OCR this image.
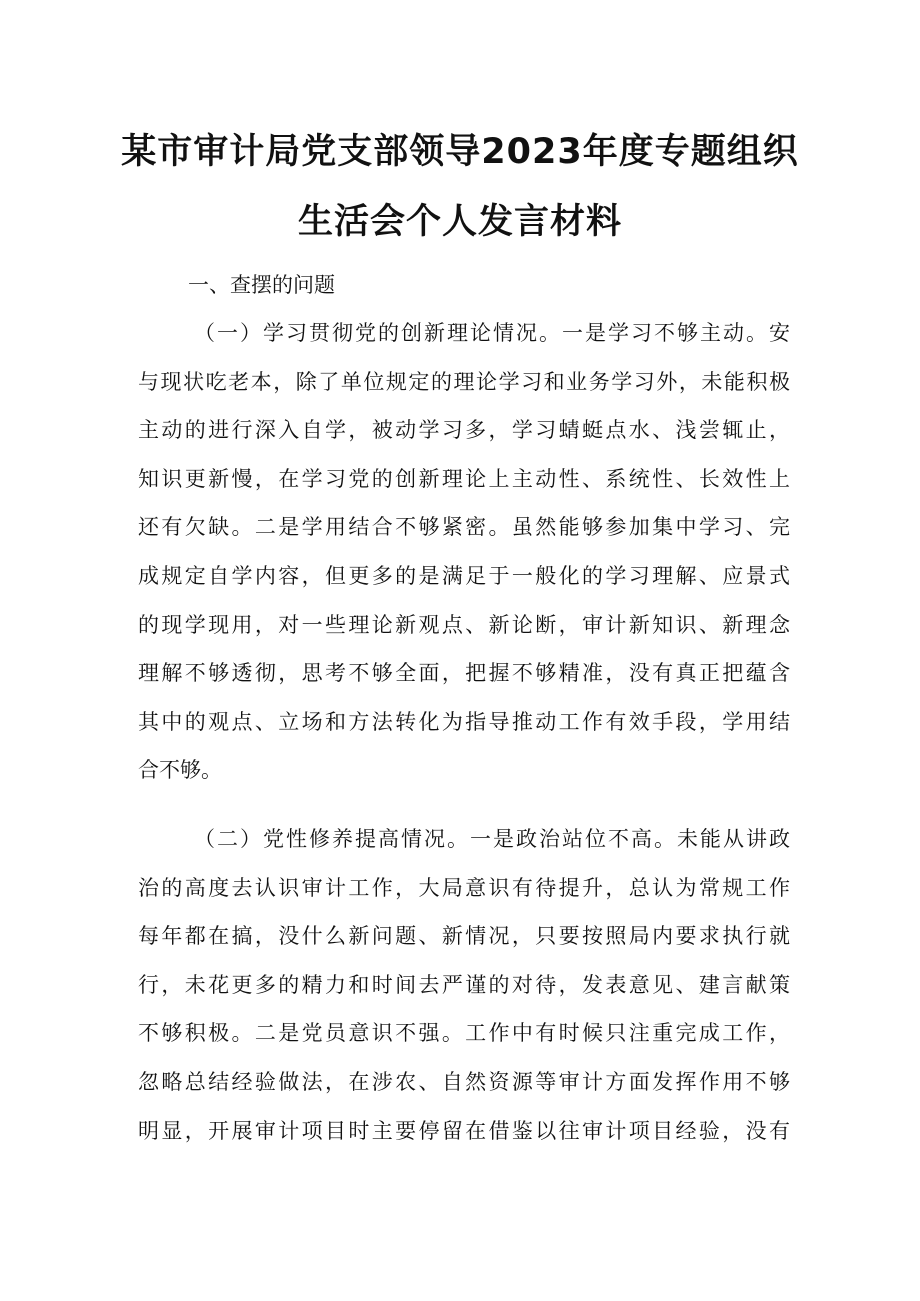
某市审计局党支部领导2023年度专题组织
生活会个人发言材料
一、查摆的问题
（一）学习贯彻党的创新理论情况。一是学习不够主动。安
与现状吃老本，除了单位规定的理论学习和业务学习外，未能积极
主动的进行深入自学，被动学习多，学习蜻蜓点水、浅尝辄止，
知识更新慢，在学习党的创新理论上主动性、系统性、长效性上
还有欠缺。二是学用结合不够紧密。虽然能够参加集中学习、完
成规定自学内容，但更多的是满足于一般化的学习理解、应景式
的现学现用，对一些理论新观点、新论断，审计新知识、新理念
理解不够透彻，思考不够全面，把握不够精准，没有真正把蕴含
其中的观点、立场和方法转化为指导推动工作有效手段，学用结
合不够。
（二）党性修养提高情况。一是政治站位不高。未能从讲政
治的高度去认识审计工作，大局意识有待提升，总认为常规工作
每年都在搞，没什么新问题、新情况，只要按照局内要求执行就
行，未花更多的精力和时间去严谨的对待，发表意见、建言献策
不够积极。二是党员意识不强。工作中有时候只注重完成工作，
忽略总结经验做法，在涉农、自然资源等审计方面发挥作用不够
明显，开展审计项目时主要停留在借鉴以往审计项目经验，没有
